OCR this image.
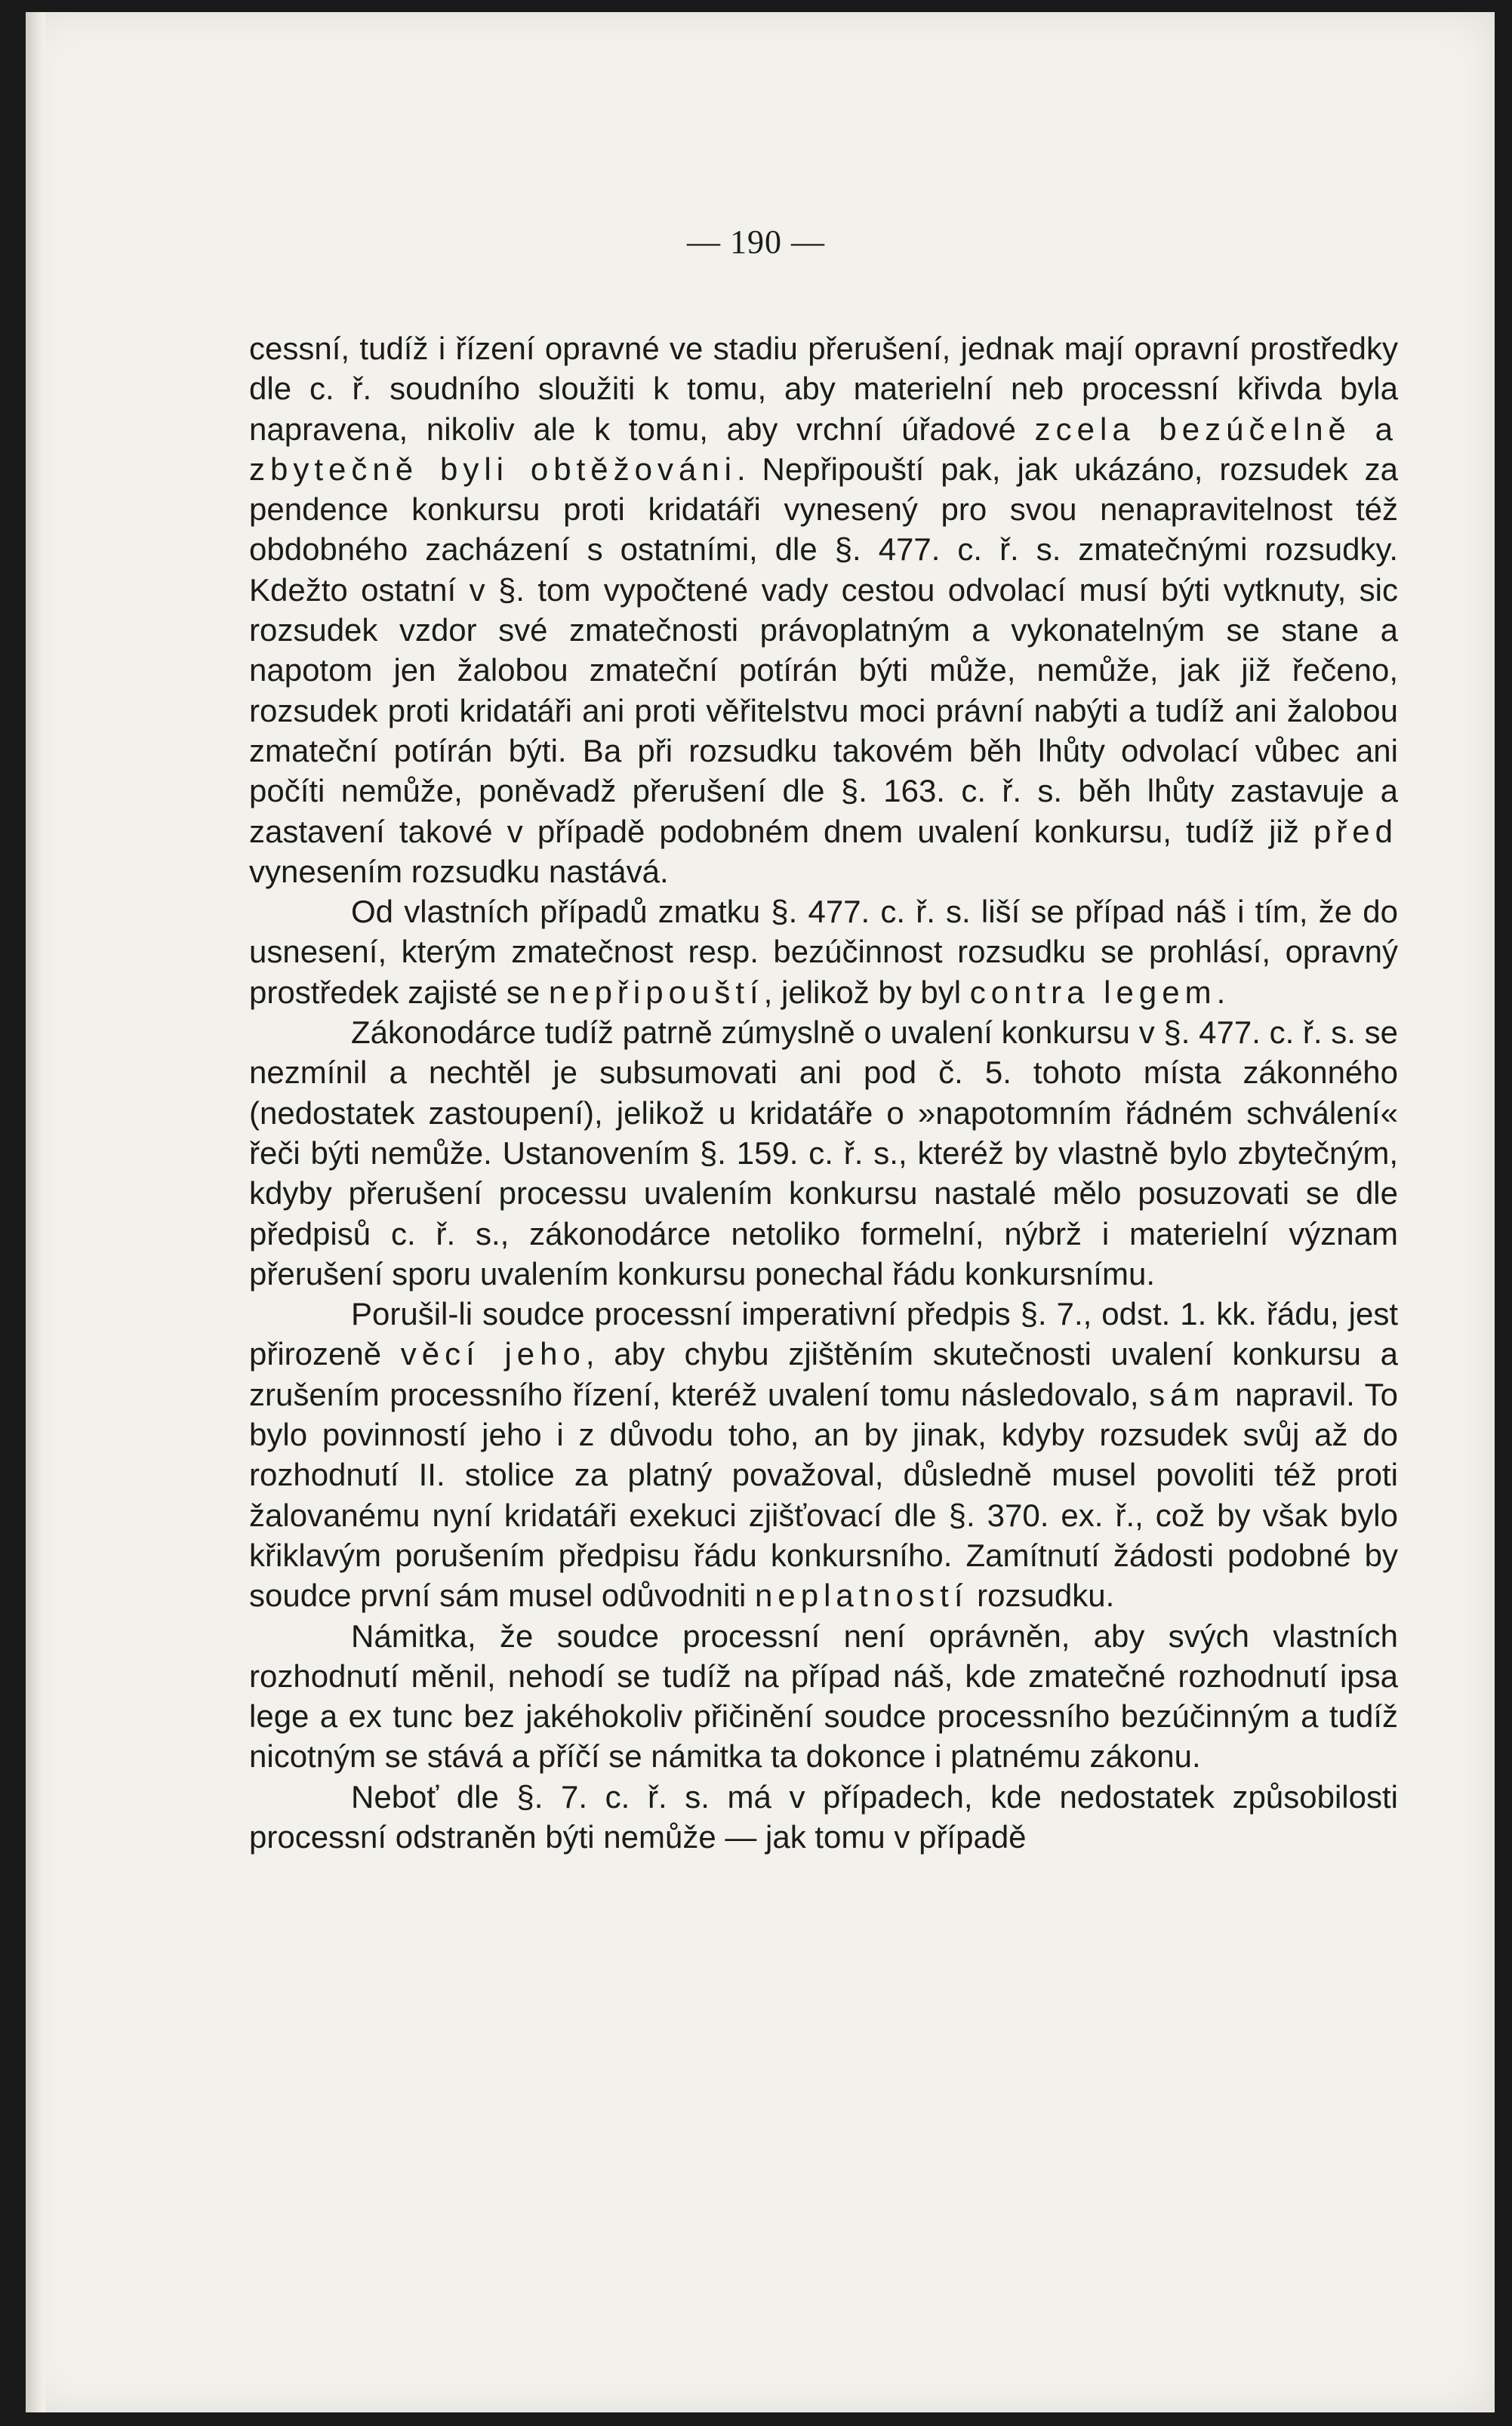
— 190 —

cessní, tudíž i řízení opravné ve stadiu přerušení, jednak mají opravní prostředky dle c. ř. soudního sloužiti k tomu, aby materielní neb processní křivda byla napravena, nikoliv ale k tomu, aby vrchní úřadové zcela bezúčelně a zbytečně byli obtěžováni. Nepřipouští pak, jak ukázáno, rozsudek za pendence konkursu proti kridatáři vynesený pro svou nenapravitelnost též obdobného zacházení s ostatními, dle §. 477. c. ř. s. zmatečnými rozsudky. Kdežto ostatní v §. tom vypočtené vady cestou odvolací musí býti vytknuty, sic rozsudek vzdor své zmatečnosti právoplatným a vykonatelným se stane a napotom jen žalobou zmateční potírán býti může, nemůže, jak již řečeno, rozsudek proti kridatáři ani proti věřitelstvu moci právní nabýti a tudíž ani žalobou zmateční potírán býti. Ba při rozsudku takovém běh lhůty odvolací vůbec ani počíti nemůže, poněvadž přerušení dle §. 163. c. ř. s. běh lhůty zastavuje a zastavení takové v případě podobném dnem uvalení konkursu, tudíž již před vynesením rozsudku nastává.

Od vlastních případů zmatku §. 477. c. ř. s. liší se případ náš i tím, že do usnesení, kterým zmatečnost resp. bezúčinnost rozsudku se prohlásí, opravný prostředek zajisté se nepřipouští, jelikož by byl contra legem.

Zákonodárce tudíž patrně zúmyslně o uvalení konkursu v §. 477. c. ř. s. se nezmínil a nechtěl je subsumovati ani pod č. 5. tohoto místa zákonného (nedostatek zastoupení), jelikož u kridatáře o »napotomním řádném schválení« řeči býti nemůže. Ustanovením §. 159. c. ř. s., kteréž by vlastně bylo zbytečným, kdyby přerušení processu uvalením konkursu nastalé mělo posuzovati se dle předpisů c. ř. s., zákonodárce netoliko formelní, nýbrž i materielní význam přerušení sporu uvalením konkursu ponechal řádu konkursnímu.

Porušil-li soudce processní imperativní předpis §. 7., odst. 1. kk. řádu, jest přirozeně věcí jeho, aby chybu zjištěním skutečnosti uvalení konkursu a zrušením processního řízení, kteréž uvalení tomu následovalo, sám napravil. To bylo povinností jeho i z důvodu toho, an by jinak, kdyby rozsudek svůj až do rozhodnutí II. stolice za platný považoval, důsledně musel povoliti též proti žalovanému nyní kridatáři exekuci zjišťovací dle §. 370. ex. ř., což by však bylo křiklavým porušením předpisu řádu konkursního. Zamítnutí žádosti podobné by soudce první sám musel odůvodniti neplatností rozsudku.

Námitka, že soudce processní není oprávněn, aby svých vlastních rozhodnutí měnil, nehodí se tudíž na případ náš, kde zmatečné rozhodnutí ipsa lege a ex tunc bez jakéhokoliv přičinění soudce processního bezúčinným a tudíž nicotným se stává a příčí se námitka ta dokonce i platnému zákonu.

Neboť dle §. 7. c. ř. s. má v případech, kde nedostatek způsobilosti processní odstraněn býti nemůže — jak tomu v případě
